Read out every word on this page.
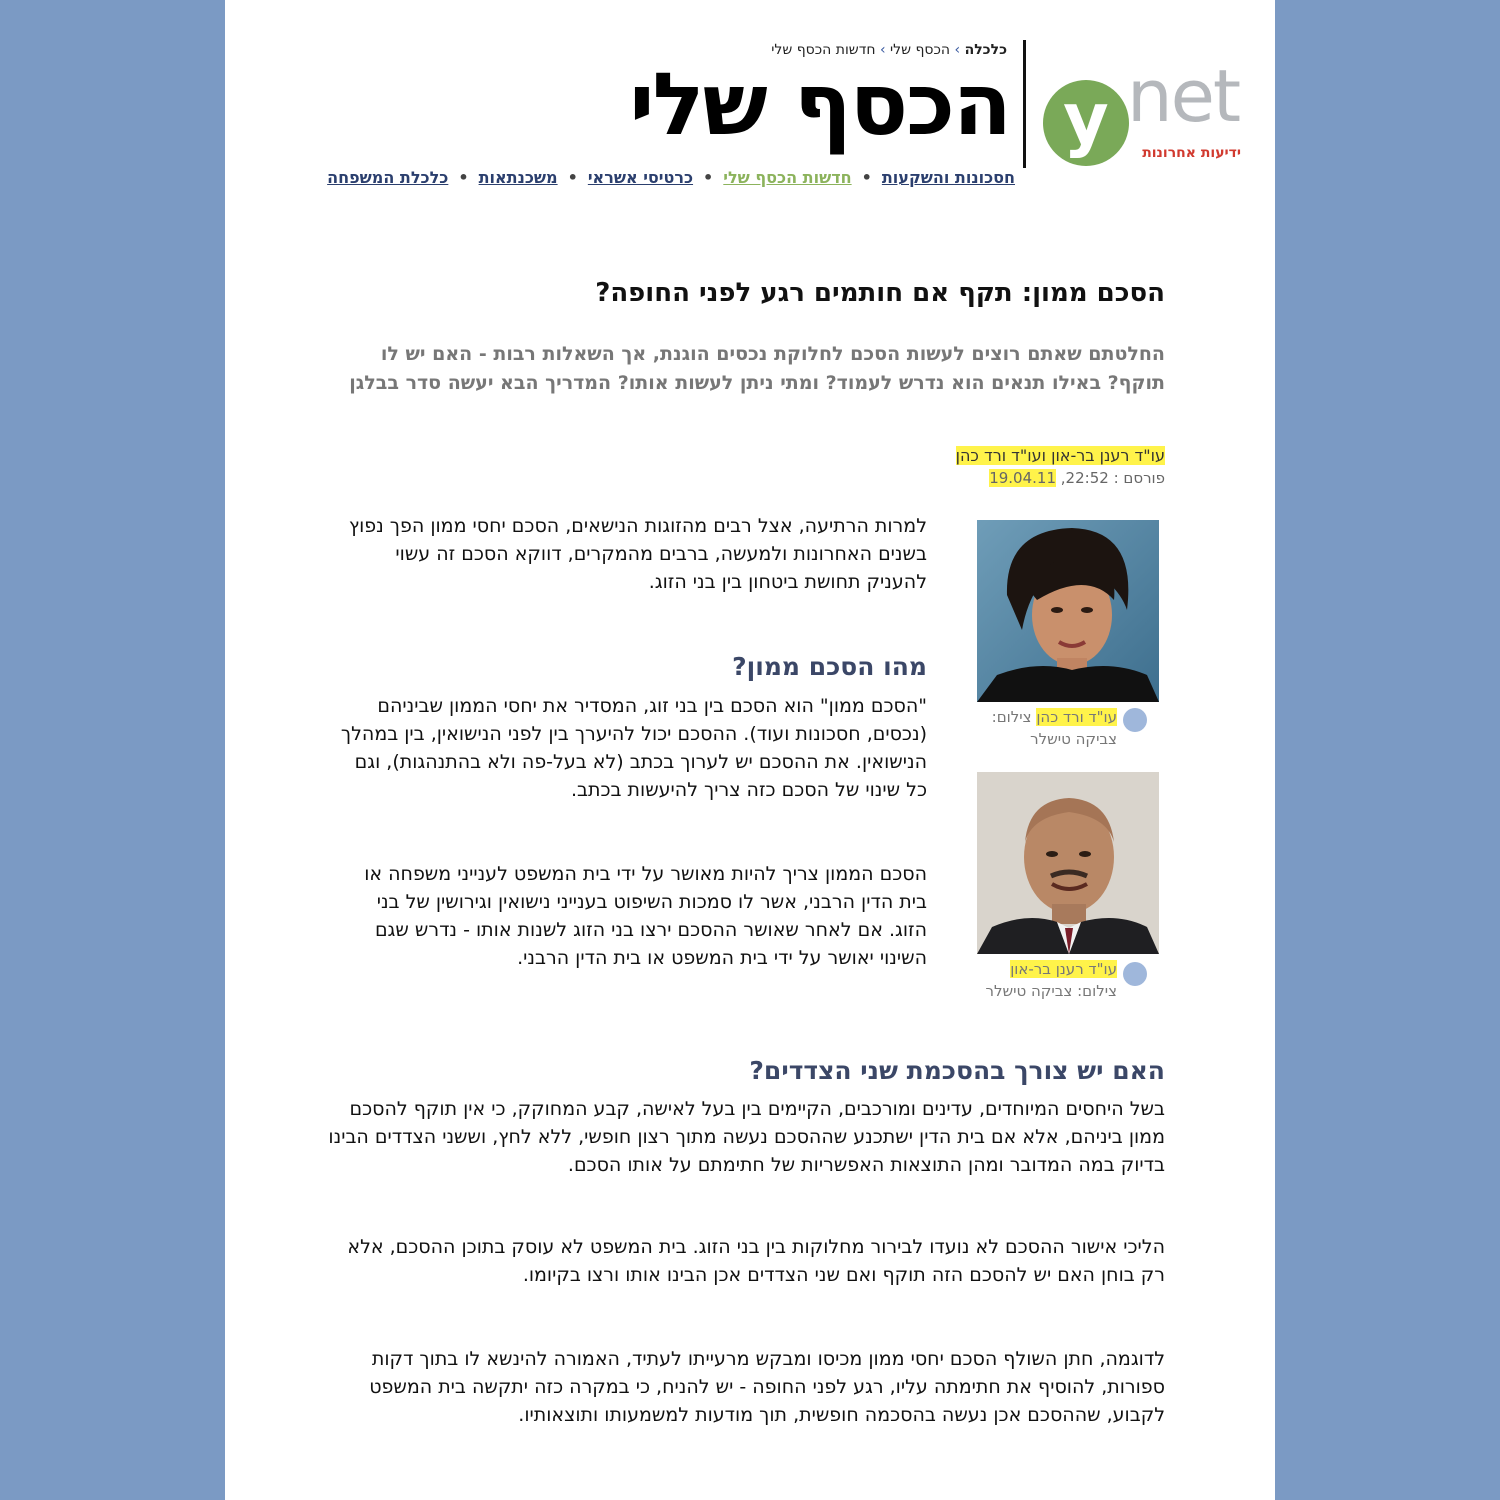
כלכלה › הכסף שלי › חדשות הכסף שלי
הכסף שלי y net
ידיעות אחרונות
חסכונות והשקעות•חדשות הכסף שלי•כרטיסי אשראי•משכנתאות•כלכלת המשפחה
הסכם ממון: תקף אם חותמים רגע לפני החופה?

החלטתם שאתם רוצים לעשות הסכם לחלוקת נכסים הוגנת, אך השאלות רבות - האם יש לו תוקף? באילו תנאים הוא נדרש לעמוד? ומתי ניתן לעשות אותו? המדריך הבא יעשה סדר בבלגן

עו"ד רענן בר-און ועו"ד ורד כהן
פורסם : 22:52, 19.04.11
עו"ד ורד כהן צילום: צביקה טישלר
עו"ד רענן בר-און צילום: צביקה טישלר

למרות הרתיעה, אצל רבים מהזוגות הנישאים, הסכם יחסי ממון הפך נפוץ בשנים האחרונות ולמעשה, ברבים מהמקרים, דווקא הסכם זה עשוי להעניק תחושת ביטחון בין בני הזוג.

מהו הסכם ממון?

"הסכם ממון" הוא הסכם בין בני זוג, המסדיר את יחסי הממון שביניהם (נכסים, חסכונות ועוד). ההסכם יכול להיערך בין לפני הנישואין, בין במהלך הנישואין. את ההסכם יש לערוך בכתב (לא בעל-פה ולא בהתנהגות), וגם כל שינוי של הסכם כזה צריך להיעשות בכתב.

הסכם הממון צריך להיות מאושר על ידי בית המשפט לענייני משפחה או בית הדין הרבני, אשר לו סמכות השיפוט בענייני נישואין וגירושין של בני הזוג. אם לאחר שאושר ההסכם ירצו בני הזוג לשנות אותו - נדרש שגם השינוי יאושר על ידי בית המשפט או בית הדין הרבני.

האם יש צורך בהסכמת שני הצדדים?

בשל היחסים המיוחדים, עדינים ומורכבים, הקיימים בין בעל לאישה, קבע המחוקק, כי אין תוקף להסכם ממון ביניהם, אלא אם בית הדין ישתכנע שההסכם נעשה מתוך רצון חופשי, ללא לחץ, וששני הצדדים הבינו בדיוק במה המדובר ומהן התוצאות האפשריות של חתימתם על אותו הסכם.

הליכי אישור ההסכם לא נועדו לבירור מחלוקות בין בני הזוג. בית המשפט לא עוסק בתוכן ההסכם, אלא רק בוחן האם יש להסכם הזה תוקף ואם שני הצדדים אכן הבינו אותו ורצו בקיומו.

לדוגמה, חתן השולף הסכם יחסי ממון מכיסו ומבקש מרעייתו לעתיד, האמורה להינשא לו בתוך דקות ספורות, להוסיף את חתימתה עליו, רגע לפני החופה - יש להניח, כי במקרה כזה יתקשה בית המשפט לקבוע, שההסכם אכן נעשה בהסכמה חופשית, תוך מודעות למשמעותו ותוצאותיו.
